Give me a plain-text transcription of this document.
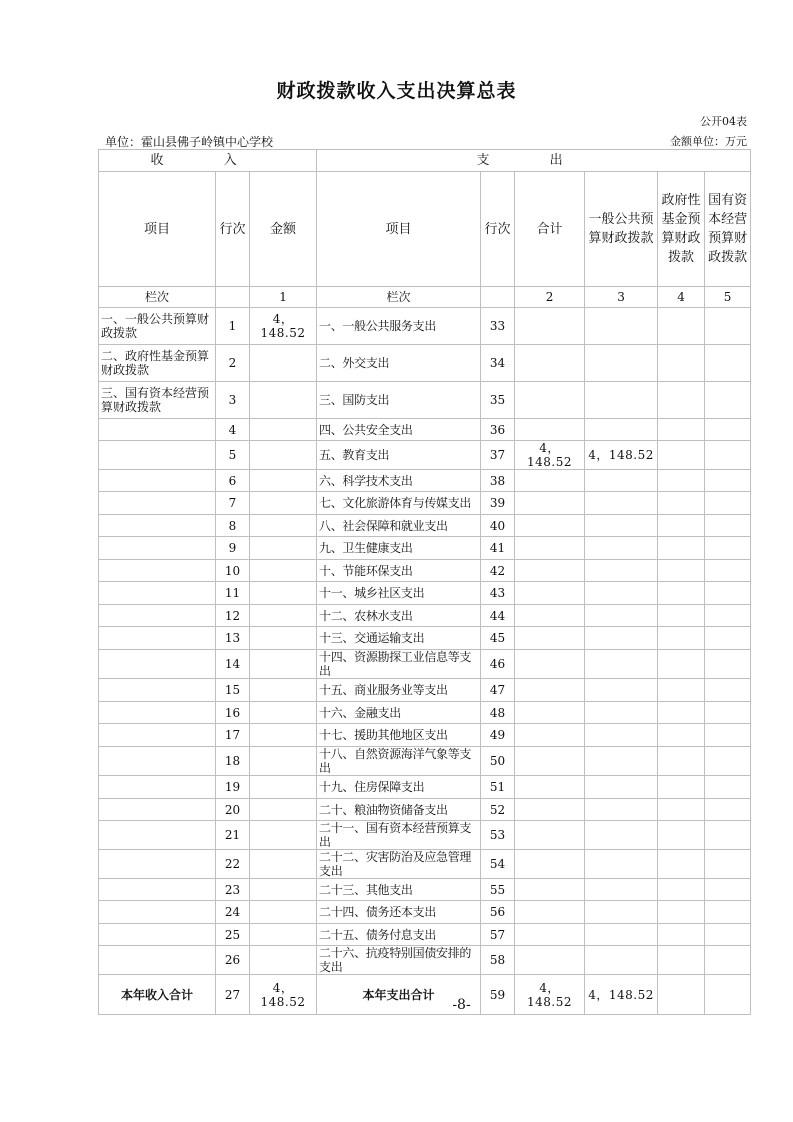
财政拨款收入支出决算总表
公开04表
单位：霍山县佛子岭镇中心学校	金额单位：万元
收 入			支 出					
项目	行次	金额	项目	行次	合计	一般公共预算财政拨款	政府性基金预算财政拨款	国有资本经营预算财政拨款
栏次		1	栏次		2	3	4	5
一、一般公共预算财政拨款	1	4，148.52	一、一般公共服务支出	33				
二、政府性基金预算财政拨款	2		二、外交支出	34				
三、国有资本经营预算财政拨款	3		三、国防支出	35				
	4		四、公共安全支出	36				
	5		五、教育支出	37	4，148.52	4，148.52		
	6		六、科学技术支出	38				
	7		七、文化旅游体育与传媒支出	39				
	8		八、社会保障和就业支出	40				
	9		九、卫生健康支出	41				
	10		十、节能环保支出	42				
	11		十一、城乡社区支出	43				
	12		十二、农林水支出	44				
	13		十三、交通运输支出	45				
	14		十四、资源勘探工业信息等支出	46				
	15		十五、商业服务业等支出	47				
	16		十六、金融支出	48				
	17		十七、援助其他地区支出	49				
	18		十八、自然资源海洋气象等支出	50				
	19		十九、住房保障支出	51				
	20		二十、粮油物资储备支出	52				
	21		二十一、国有资本经营预算支出	53				
	22		二十二、灾害防治及应急管理支出	54				
	23		二十三、其他支出	55				
	24		二十四、债务还本支出	56				
	25		二十五、债务付息支出	57				
	26		二十六、抗疫特别国债安排的支出	58				
本年收入合计	27	4，148.52	本年支出合计	59	4，148.52	4，148.52		
-8-
